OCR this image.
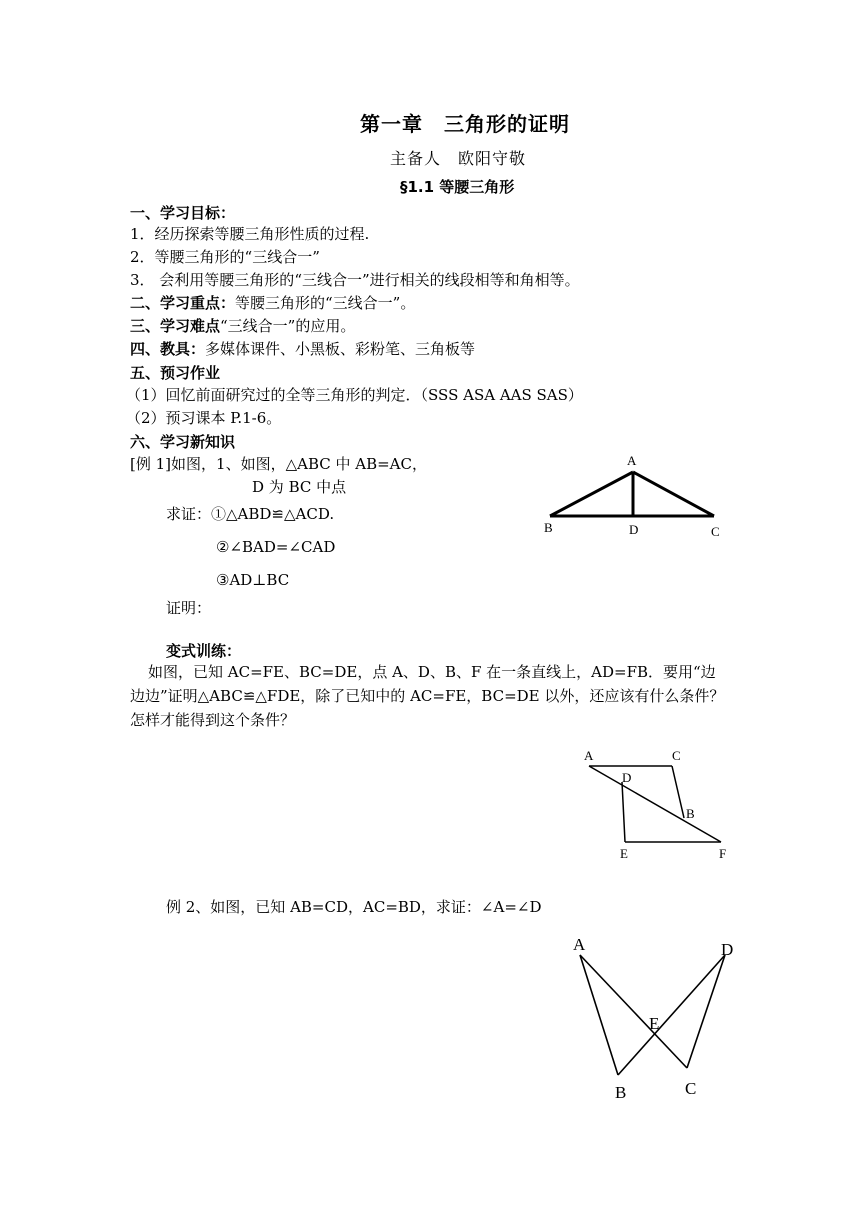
第一章　三角形的证明
主备人　欧阳守敬
§1.1 等腰三角形
一、学习目标：
1．经历探索等腰三角形性质的过程.
2．等腰三角形的“三线合一”
3． 会利用等腰三角形的“三线合一”进行相关的线段相等和角相等。
二、学习重点：等腰三角形的“三线合一”。
三、学习难点“三线合一”的应用。
四、教具：多媒体课件、小黑板、彩粉笔、三角板等
五、预习作业
（1）回忆前面研究过的全等三角形的判定．（SSS ASA AAS SAS）
（2）预习课本 P.1-6。
六、学习新知识
[例 1]如图，1、如图，△ABC 中 AB=AC，
D 为 BC 中点
求证：①△ABD≌△ACD.
②∠BAD=∠CAD
③AD⊥BC
证明：
A
B	D	C
变式训练：
如图，已知 AC=FE、BC=DE，点 A、D、B、F 在一条直线上，AD=FB．要用“边边边”证明△ABC≌△FDE，除了已知中的 AC=FE，BC=DE 以外，还应该有什么条件？怎样才能得到这个条件？
A	C
D
B
E	F
例 2、如图，已知 AB=CD，AC=BD，求证：∠A=∠D
A	D
E
B	C
